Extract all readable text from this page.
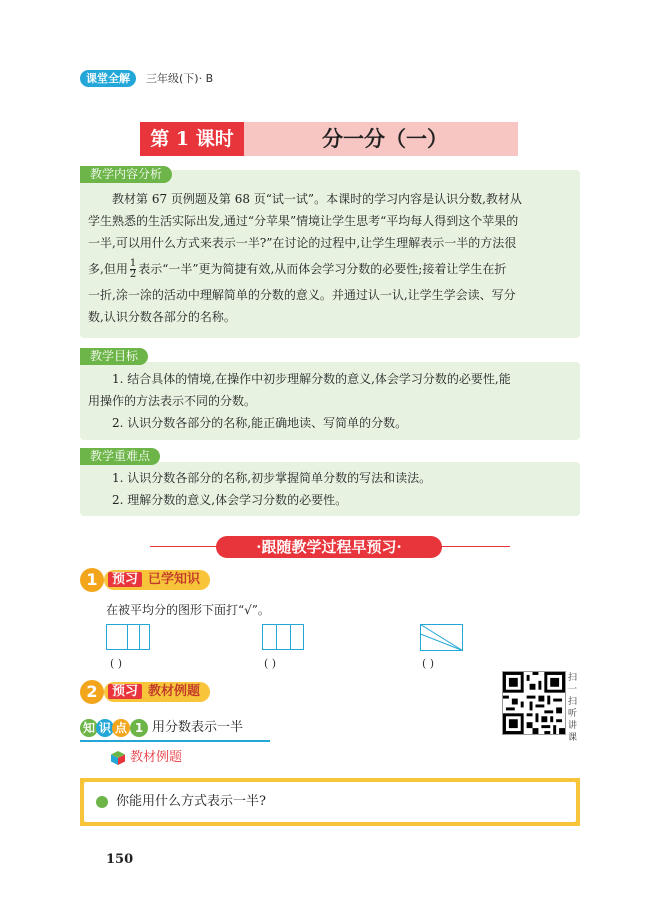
课堂全解	三年级(下)· B
第 1 课时	分一分（一）
教学内容分析
教材第 67 页例题及第 68 页“试一试”。本课时的学习内容是认识分数,教材从
学生熟悉的生活实际出发,通过“分苹果”情境让学生思考“平均每人得到这个苹果的
一半,可以用什么方式来表示一半?”在讨论的过程中,让学生理解表示一半的方法很
多,但用 $\frac{1}{2}$ 表示“一半”更为简捷有效,从而体会学习分数的必要性;接着让学生在折
一折,涂一涂的活动中理解简单的分数的意义。并通过认一认,让学生学会读、写分
数,认识分数各部分的名称。
教学目标
1. 结合具体的情境,在操作中初步理解分数的意义,体会学习分数的必要性,能
用操作的方法表示不同的分数。
2. 认识分数各部分的名称,能正确地读、写简单的分数。
教学重难点
1. 认识分数各部分的名称,初步掌握简单分数的写法和读法。
2. 理解分数的意义,体会学习分数的必要性。
·跟随教学过程早预习·
1	预习 已学知识
在被平均分的图形下面打“√”。
( )	( )	( )
2	预习 教材例题
扫一扫听讲课
知 识 点 1 用分数表示一半
教材例题
你能用什么方式表示一半?
150
